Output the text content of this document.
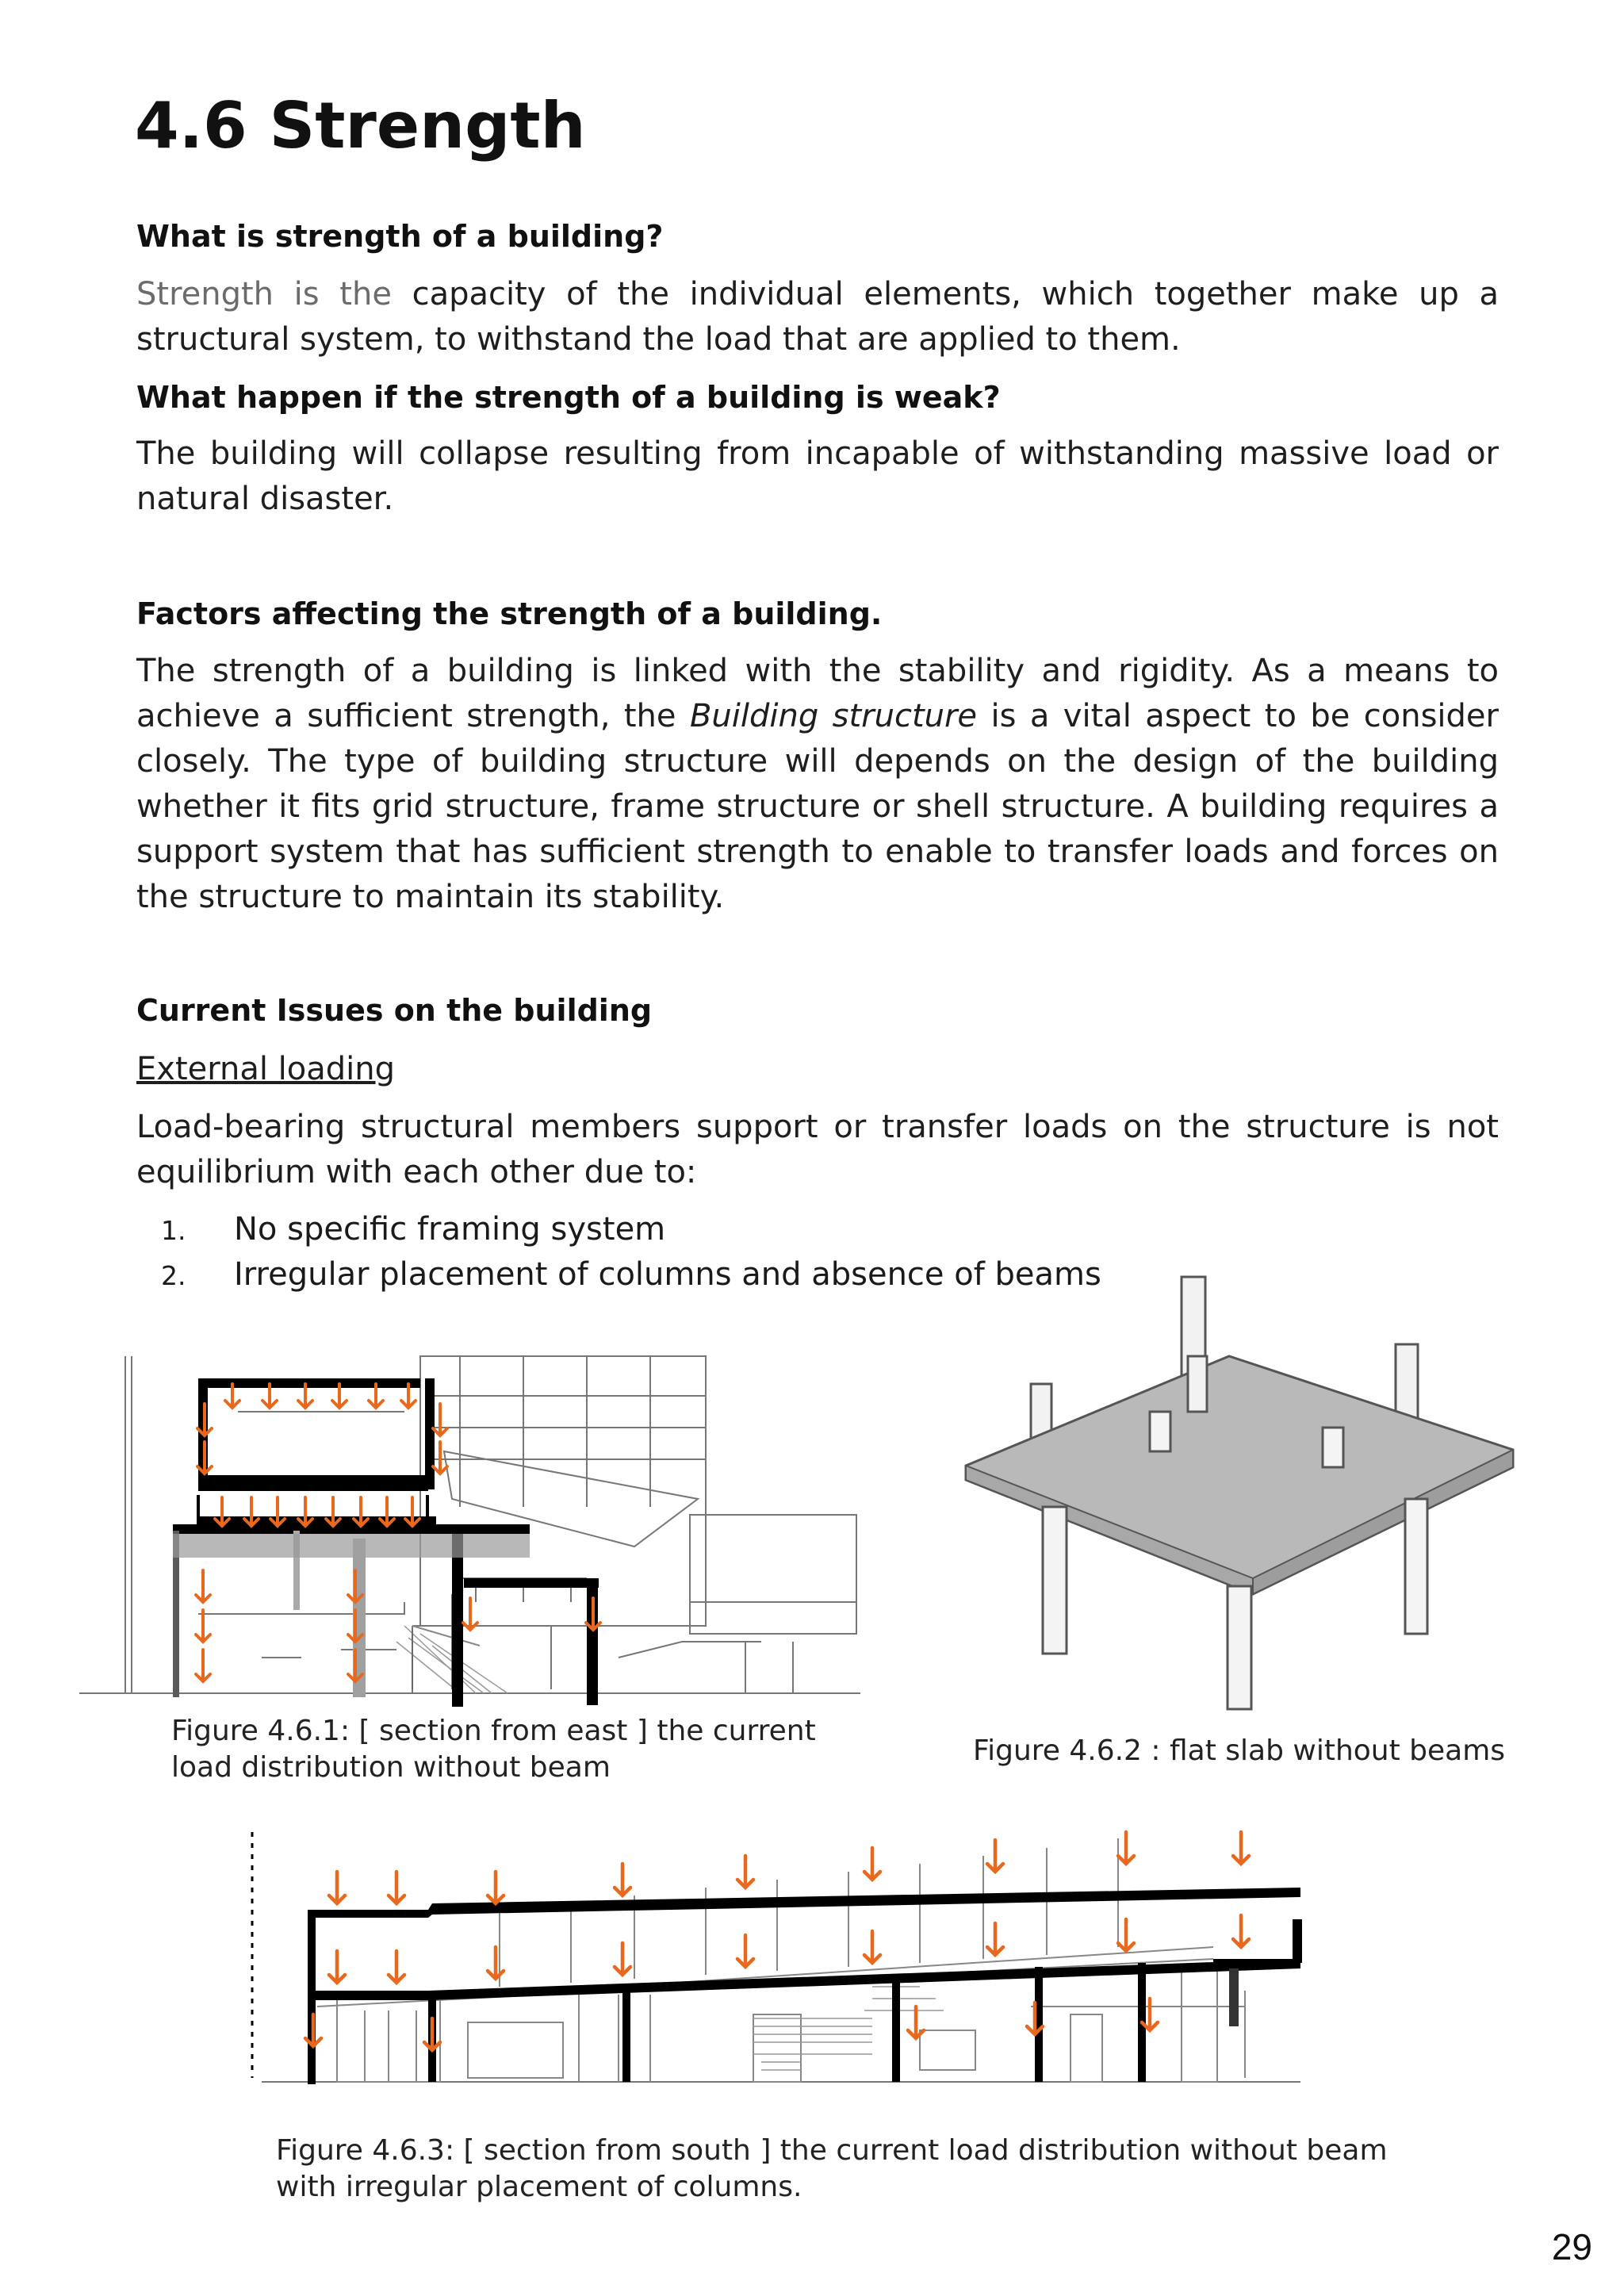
4.6 Strength

What is strength of a building?

Strength is the capacity of the individual elements, which together make up a structural system, to withstand the load that are applied to them.

What happen if the strength of a building is weak?

The building will collapse resulting from incapable of withstanding massive load or natural disaster.

Factors affecting the strength of a building.

The strength of a building is linked with the stability and rigidity. As a means to achieve a sufficient strength, the Building structure is a vital aspect to be consider closely. The type of building structure will depends on the design of the building whether it fits grid structure, frame structure or shell structure. A building requires a support system that has sufficient strength to enable to transfer loads and forces on the structure to maintain its stability.

Current Issues on the building

External loading

Load-bearing structural members support or transfer loads on the structure is not equilibrium with each other due to:

1. No specific framing system
2. Irregular placement of columns and absence of beams
Figure 4.6.1: [ section from east ] the current
load distribution without beam
Figure 4.6.2 : flat slab without beams
Figure 4.6.3: [ section from south ] the current load distribution without beam
with irregular placement of columns.
29
